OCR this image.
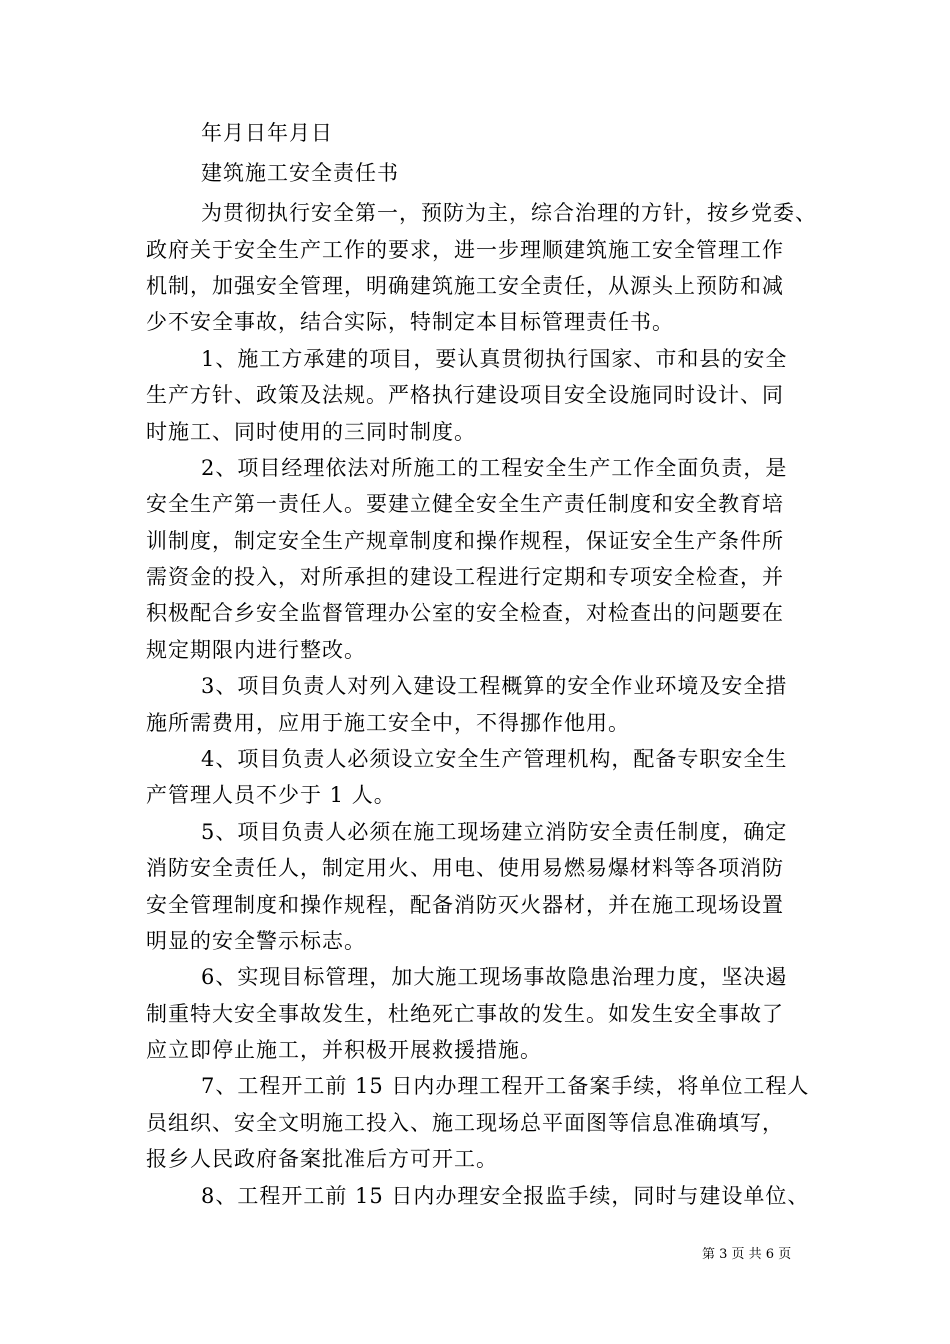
年月日年月日
建筑施工安全责任书
为贯彻执行安全第一，预防为主，综合治理的方针，按乡党委、
政府关于安全生产工作的要求，进一步理顺建筑施工安全管理工作
机制，加强安全管理，明确建筑施工安全责任，从源头上预防和减
少不安全事故，结合实际，特制定本目标管理责任书。
1、施工方承建的项目，要认真贯彻执行国家、市和县的安全
生产方针、政策及法规。严格执行建设项目安全设施同时设计、同
时施工、同时使用的三同时制度。
2、项目经理依法对所施工的工程安全生产工作全面负责，是
安全生产第一责任人。要建立健全安全生产责任制度和安全教育培
训制度，制定安全生产规章制度和操作规程，保证安全生产条件所
需资金的投入，对所承担的建设工程进行定期和专项安全检查，并
积极配合乡安全监督管理办公室的安全检查，对检查出的问题要在
规定期限内进行整改。
3、项目负责人对列入建设工程概算的安全作业环境及安全措
施所需费用，应用于施工安全中，不得挪作他用。
4、项目负责人必须设立安全生产管理机构，配备专职安全生
产管理人员不少于 1 人。
5、项目负责人必须在施工现场建立消防安全责任制度，确定
消防安全责任人，制定用火、用电、使用易燃易爆材料等各项消防
安全管理制度和操作规程，配备消防灭火器材，并在施工现场设置
明显的安全警示标志。
6、实现目标管理，加大施工现场事故隐患治理力度，坚决遏
制重特大安全事故发生，杜绝死亡事故的发生。如发生安全事故了
应立即停止施工，并积极开展救援措施。
7、工程开工前 15 日内办理工程开工备案手续，将单位工程人
员组织、安全文明施工投入、施工现场总平面图等信息准确填写，
报乡人民政府备案批准后方可开工。
8、工程开工前 15 日内办理安全报监手续，同时与建设单位、
第 3 页 共 6 页
